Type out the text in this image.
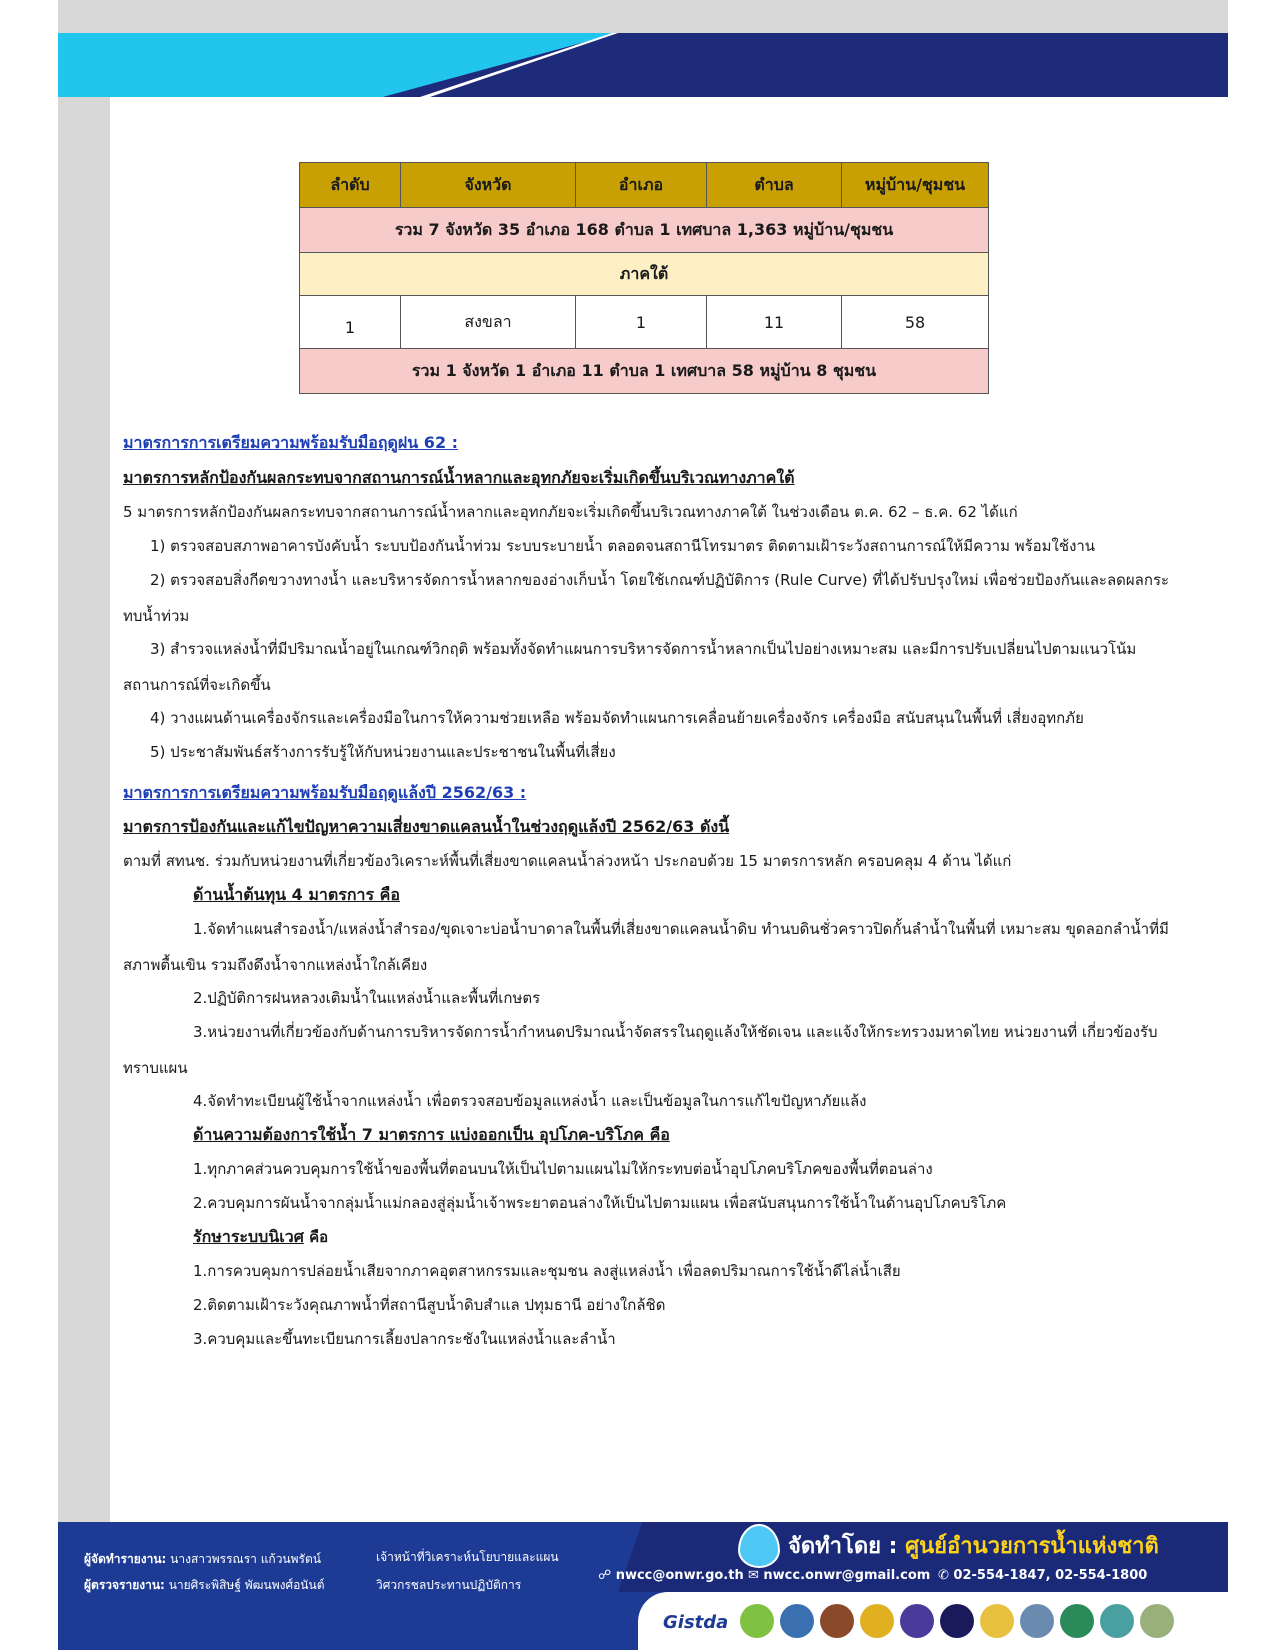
ลำดับ	จังหวัด	อำเภอ	ตำบล	หมู่บ้าน/ชุมชน
รวม 7 จังหวัด 35 อำเภอ 168 ตำบล 1 เทศบาล 1,363 หมู่บ้าน/ชุมชน				
ภาคใต้				
1	สงขลา	1	11	58
รวม 1 จังหวัด 1 อำเภอ 11 ตำบล 1 เทศบาล 58 หมู่บ้าน 8 ชุมชน				
มาตรการการเตรียมความพร้อมรับมือฤดูฝน 62 :
มาตรการหลักป้องกันผลกระทบจากสถานการณ์น้ำหลากและอุทกภัยจะเริ่มเกิดขึ้นบริเวณทางภาคใต้
5 มาตรการหลักป้องกันผลกระทบจากสถานการณ์น้ำหลากและอุทกภัยจะเริ่มเกิดขึ้นบริเวณทางภาคใต้ ในช่วงเดือน ต.ค. 62 – ธ.ค. 62 ได้แก่
1) ตรวจสอบสภาพอาคารบังคับน้ำ ระบบป้องกันน้ำท่วม ระบบระบายน้ำ ตลอดจนสถานีโทรมาตร ติดตามเฝ้าระวังสถานการณ์ให้มีความ พร้อมใช้งาน
2) ตรวจสอบสิ่งกีดขวางทางน้ำ และบริหารจัดการน้ำหลากของอ่างเก็บน้ำ โดยใช้เกณฑ์ปฏิบัติการ (Rule Curve) ที่ได้ปรับปรุงใหม่ เพื่อช่วยป้องกันและลดผลกระทบน้ำท่วม
3) สำรวจแหล่งน้ำที่มีปริมาณน้ำอยู่ในเกณฑ์วิกฤติ พร้อมทั้งจัดทำแผนการบริหารจัดการน้ำหลากเป็นไปอย่างเหมาะสม และมีการปรับเปลี่ยนไปตามแนวโน้มสถานการณ์ที่จะเกิดขึ้น
4) วางแผนด้านเครื่องจักรและเครื่องมือในการให้ความช่วยเหลือ พร้อมจัดทำแผนการเคลื่อนย้ายเครื่องจักร เครื่องมือ สนับสนุนในพื้นที่ เสี่ยงอุทกภัย
5) ประชาสัมพันธ์สร้างการรับรู้ให้กับหน่วยงานและประชาชนในพื้นที่เสี่ยง
มาตรการการเตรียมความพร้อมรับมือฤดูแล้งปี 2562/63 :
มาตรการป้องกันและแก้ไขปัญหาความเสี่ยงขาดแคลนน้ำในช่วงฤดูแล้งปี 2562/63 ดังนี้
ตามที่ สทนช. ร่วมกับหน่วยงานที่เกี่ยวข้องวิเคราะห์พื้นที่เสี่ยงขาดแคลนน้ำล่วงหน้า ประกอบด้วย 15 มาตรการหลัก ครอบคลุม 4 ด้าน ได้แก่
ด้านน้ำต้นทุน 4 มาตรการ คือ
1.จัดทำแผนสำรองน้ำ/แหล่งน้ำสำรอง/ขุดเจาะบ่อน้ำบาดาลในพื้นที่เสี่ยงขาดแคลนน้ำดิบ ทำนบดินชั่วคราวปิดกั้นลำน้ำในพื้นที่ เหมาะสม ขุดลอกลำน้ำที่มีสภาพตื้นเขิน รวมถึงดึงน้ำจากแหล่งน้ำใกล้เคียง
2.ปฏิบัติการฝนหลวงเติมน้ำในแหล่งน้ำและพื้นที่เกษตร
3.หน่วยงานที่เกี่ยวข้องกับด้านการบริหารจัดการน้ำกำหนดปริมาณน้ำจัดสรรในฤดูแล้งให้ชัดเจน และแจ้งให้กระทรวงมหาดไทย หน่วยงานที่ เกี่ยวข้องรับทราบแผน
4.จัดทำทะเบียนผู้ใช้น้ำจากแหล่งน้ำ เพื่อตรวจสอบข้อมูลแหล่งน้ำ และเป็นข้อมูลในการแก้ไขปัญหาภัยแล้ง
ด้านความต้องการใช้น้ำ 7 มาตรการ แบ่งออกเป็น อุปโภค-บริโภค คือ
1.ทุกภาคส่วนควบคุมการใช้น้ำของพื้นที่ตอนบนให้เป็นไปตามแผนไม่ให้กระทบต่อน้ำอุปโภคบริโภคของพื้นที่ตอนล่าง
2.ควบคุมการผันน้ำจากลุ่มน้ำแม่กลองสู่ลุ่มน้ำเจ้าพระยาตอนล่างให้เป็นไปตามแผน เพื่อสนับสนุนการใช้น้ำในด้านอุปโภคบริโภค
รักษาระบบนิเวศ คือ
1.การควบคุมการปล่อยน้ำเสียจากภาคอุตสาหกรรมและชุมชน ลงสู่แหล่งน้ำ เพื่อลดปริมาณการใช้น้ำดีไล่น้ำเสีย
2.ติดตามเฝ้าระวังคุณภาพน้ำที่สถานีสูบน้ำดิบสำแล ปทุมธานี อย่างใกล้ชิด
3.ควบคุมและขึ้นทะเบียนการเลี้ยงปลากระชังในแหล่งน้ำและลำน้ำ
ผู้จัดทำรายงาน: นางสาวพรรณรา แก้วนพรัตน์
ผู้ตรวจรายงาน: นายศิระพิสิษฐ์ พัฒนพงศ์อนันต์
เจ้าหน้าที่วิเคราะห์นโยบายและแผน
วิศวกรชลประทานปฏิบัติการ
จัดทำโดย : ศูนย์อำนวยการน้ำแห่งชาติ
☍ nwcc@onwr.go.th ✉ nwcc.onwr@gmail.com ✆ 02-554-1847, 02-554-1800
Gistda
